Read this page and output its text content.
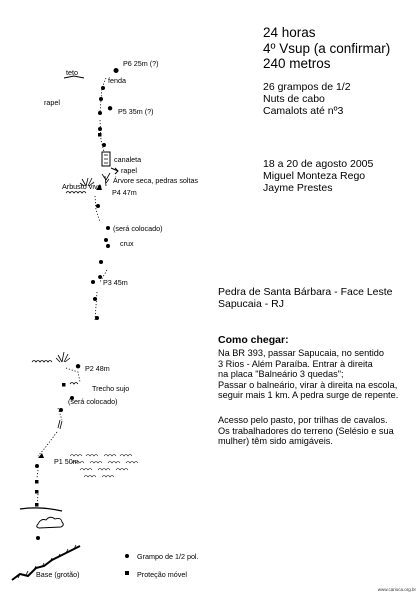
P6 25m (?)
teto
fenda
rapel
P5 35m (?)
canaleta
rapel
Árvore seca, pedras soltas
Arbusto vivo
P4 47m
(será colocado)
crux
P3 45m
P2 48m
Trecho sujo
(será colocado)
P1 50m
Base (grotão)
Grampo de 1/2 pol.
Proteção móvel
24 horas
4º Vsup (a confirmar)
240 metros
26 grampos de 1/2
Nuts de cabo
Camalots até nº3
18 a 20 de agosto 2005
Miguel Monteza Rego
Jayme Prestes
Pedra de Santa Bárbara - Face Leste
Sapucaia - RJ
Como chegar:
Na BR 393, passar Sapucaia, no sentido
3 Rios - Além Paraíba. Entrar à direita
na placa "Balneário 3 quedas";
Passar o balneário, virar à direita na escola,
seguir mais 1 km. A pedra surge de repente.
Acesso pelo pasto, por trilhas de cavalos.
Os trabalhadores do terreno (Selésio e sua
mulher) têm sido amigáveis.
www.carioca.org.br
